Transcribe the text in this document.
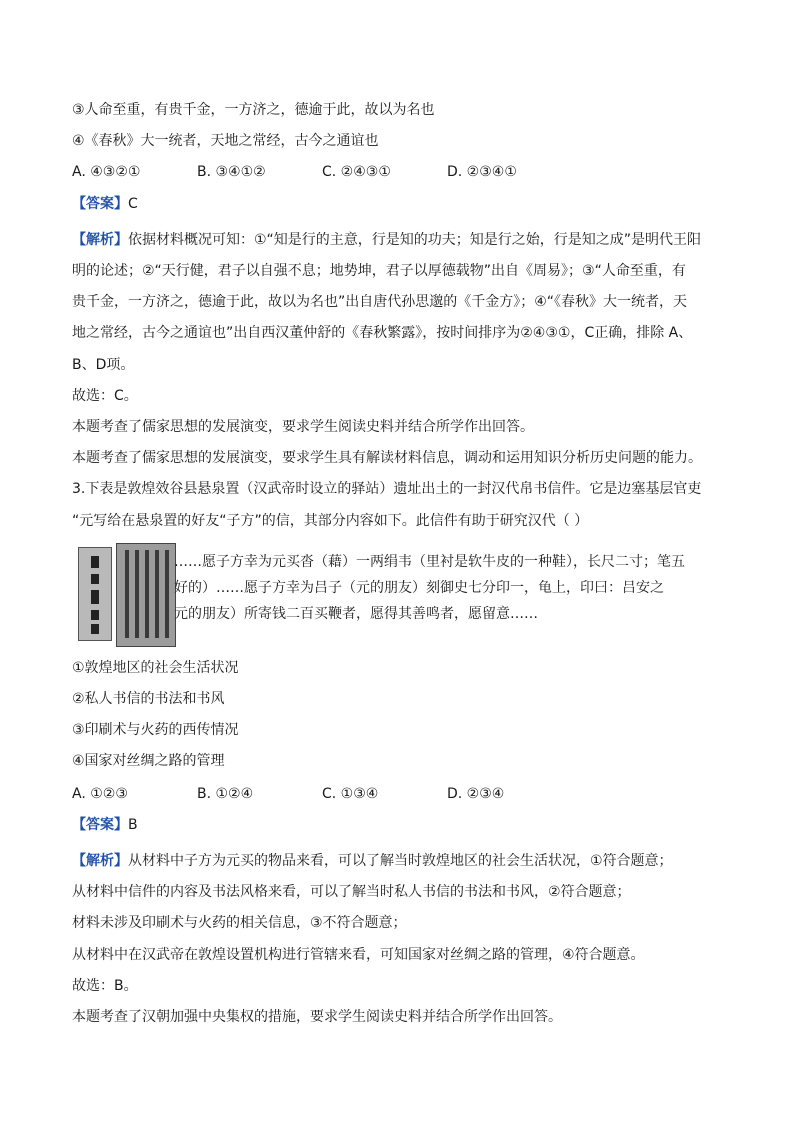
③人命至重，有贵千金，一方济之，德逾于此，故以为名也
④《春秋》大一统者，天地之常经，古今之通谊也
A. ④③②①	B. ③④①②	C. ②④③①	D. ②③④①
【答案】C
【解析】依据材料概况可知：①“知是行的主意，行是知的功夫；知是行之始，行是知之成”是明代王阳
明的论述；②“天行健，君子以自强不息；地势坤，君子以厚德载物”出自《周易》；③“人命至重，有
贵千金，一方济之，德逾于此，故以为名也”出自唐代孙思邈的《千金方》；④“《春秋》大一统者，天
地之常经，古今之通谊也”出自西汉董仲舒的《春秋繁露》，按时间排序为②④③①，C正确，排除 A、
B、D项。
故选：C。
本题考查了儒家思想的发展演变，要求学生阅读史料并结合所学作出回答。
本题考查了儒家思想的发展演变，要求学生具有解读材料信息，调动和运用知识分析历史问题的能力。
3.下表是敦煌效谷县悬泉置（汉武帝时设立的驿站）遗址出土的一封汉代帛书信件。它是边塞基层官吏
“元写给在悬泉置的好友“子方”的信，其部分内容如下。此信件有助于研究汉代（ ）
……愿子方幸为元买沓（藉）一两绢韦（里衬是软牛皮的一种鞋），长尺二寸；笔五
好的）……愿子方幸为吕子（元的朋友）刻御史七分印一，龟上，印曰：吕安之
元的朋友）所寄钱二百买鞭者，愿得其善鸣者，愿留意……
①敦煌地区的社会生活状况
②私人书信的书法和书风
③印刷术与火药的西传情况
④国家对丝绸之路的管理
A. ①②③	B. ①②④	C. ①③④	D. ②③④
【答案】B
【解析】从材料中子方为元买的物品来看，可以了解当时敦煌地区的社会生活状况，①符合题意；
从材料中信件的内容及书法风格来看，可以了解当时私人书信的书法和书风，②符合题意；
材料未涉及印刷术与火药的相关信息，③不符合题意；
从材料中在汉武帝在敦煌设置机构进行管辖来看，可知国家对丝绸之路的管理，④符合题意。
故选：B。
本题考查了汉朝加强中央集权的措施，要求学生阅读史料并结合所学作出回答。
